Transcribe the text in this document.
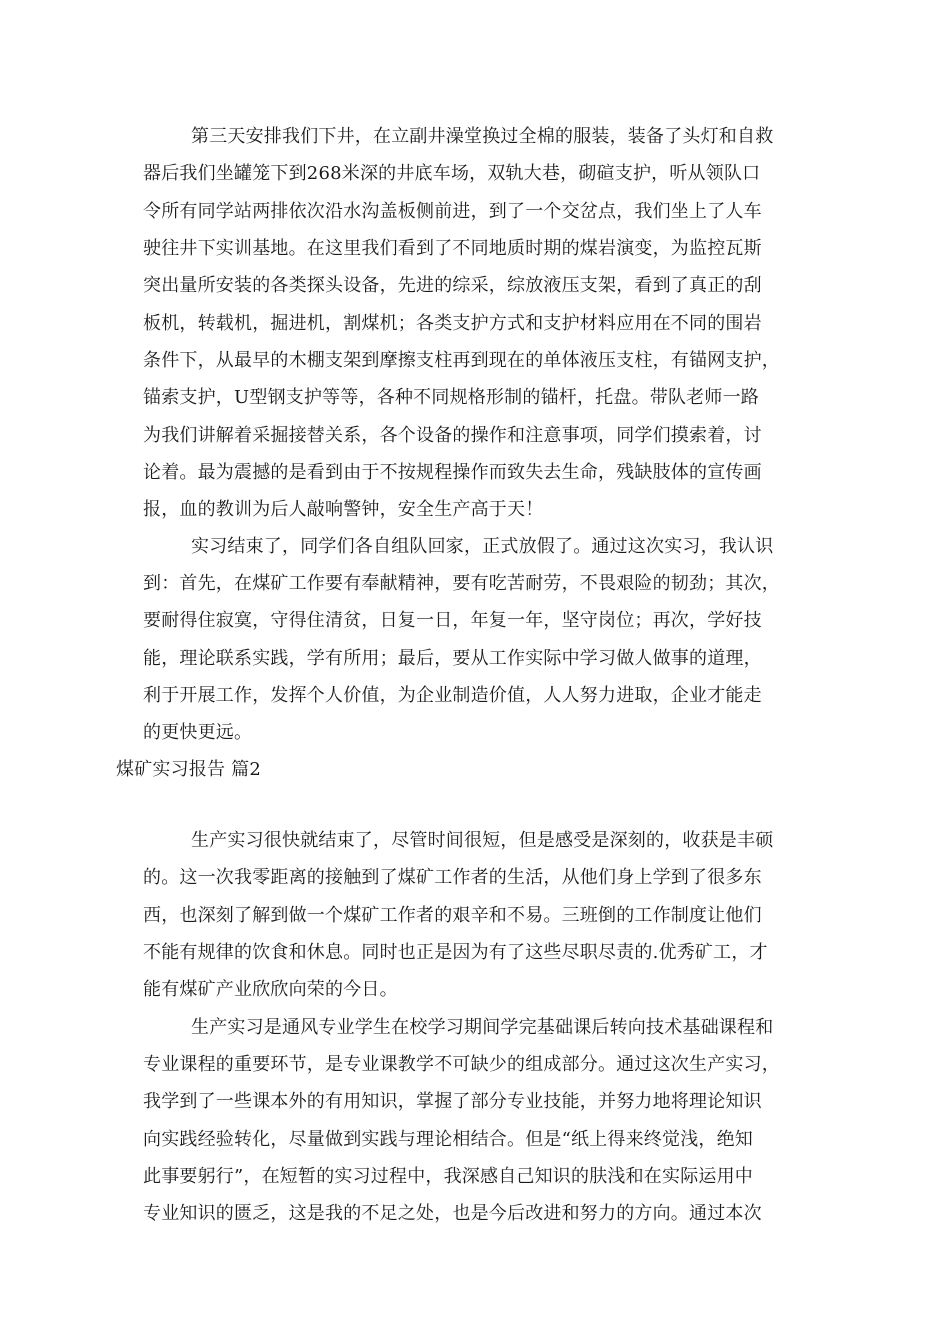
第三天安排我们下井，在立副井澡堂换过全棉的服装，装备了头灯和自救
器后我们坐罐笼下到268米深的井底车场，双轨大巷，砌碹支护，听从领队口
令所有同学站两排依次沿水沟盖板侧前进，到了一个交岔点，我们坐上了人车
驶往井下实训基地。在这里我们看到了不同地质时期的煤岩演变，为监控瓦斯
突出量所安装的各类探头设备，先进的综采，综放液压支架，看到了真正的刮
板机，转载机，掘进机，割煤机；各类支护方式和支护材料应用在不同的围岩
条件下，从最早的木棚支架到摩擦支柱再到现在的单体液压支柱，有锚网支护，
锚索支护，U型钢支护等等，各种不同规格形制的锚杆，托盘。带队老师一路
为我们讲解着采掘接替关系，各个设备的操作和注意事项，同学们摸索着，讨
论着。最为震撼的是看到由于不按规程操作而致失去生命，残缺肢体的宣传画
报，血的教训为后人敲响警钟，安全生产高于天！
实习结束了，同学们各自组队回家，正式放假了。通过这次实习，我认识
到：首先，在煤矿工作要有奉献精神，要有吃苦耐劳，不畏艰险的韧劲；其次，
要耐得住寂寞，守得住清贫，日复一日，年复一年，坚守岗位；再次，学好技
能，理论联系实践，学有所用；最后，要从工作实际中学习做人做事的道理，
利于开展工作，发挥个人价值，为企业制造价值，人人努力进取，企业才能走
的更快更远。
煤矿实习报告 篇2
生产实习很快就结束了，尽管时间很短，但是感受是深刻的，收获是丰硕
的。这一次我零距离的接触到了煤矿工作者的生活，从他们身上学到了很多东
西，也深刻了解到做一个煤矿工作者的艰辛和不易。三班倒的工作制度让他们
不能有规律的饮食和休息。同时也正是因为有了这些尽职尽责的.优秀矿工，才
能有煤矿产业欣欣向荣的今日。
生产实习是通风专业学生在校学习期间学完基础课后转向技术基础课程和
专业课程的重要环节，是专业课教学不可缺少的组成部分。通过这次生产实习，
我学到了一些课本外的有用知识，掌握了部分专业技能，并努力地将理论知识
向实践经验转化，尽量做到实践与理论相结合。但是“纸上得来终觉浅，绝知
此事要躬行”，在短暂的实习过程中，我深感自己知识的肤浅和在实际运用中
专业知识的匮乏，这是我的不足之处，也是今后改进和努力的方向。通过本次
